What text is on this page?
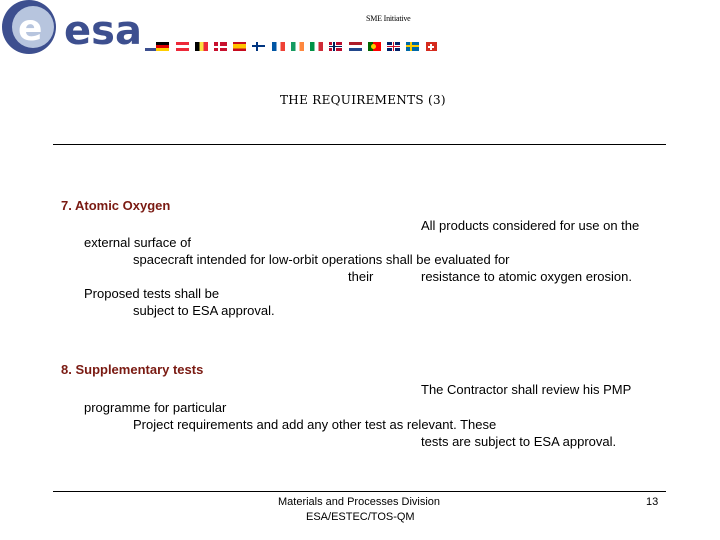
e esa	SME Initiative
THE REQUIREMENTS (3)
7. Atomic Oxygen
All products considered for use on the
external surface of
spacecraft intended for low‑orbit operations shall be evaluated for
their	resistance to atomic oxygen erosion.
Proposed tests shall be
subject to ESA approval.
8. Supplementary tests
The Contractor shall review his PMP
programme for particular
Project requirements and add any other test as relevant. These
tests are subject to ESA approval.
Materials and Processes Division
ESA/ESTEC/TOS-QM
13
